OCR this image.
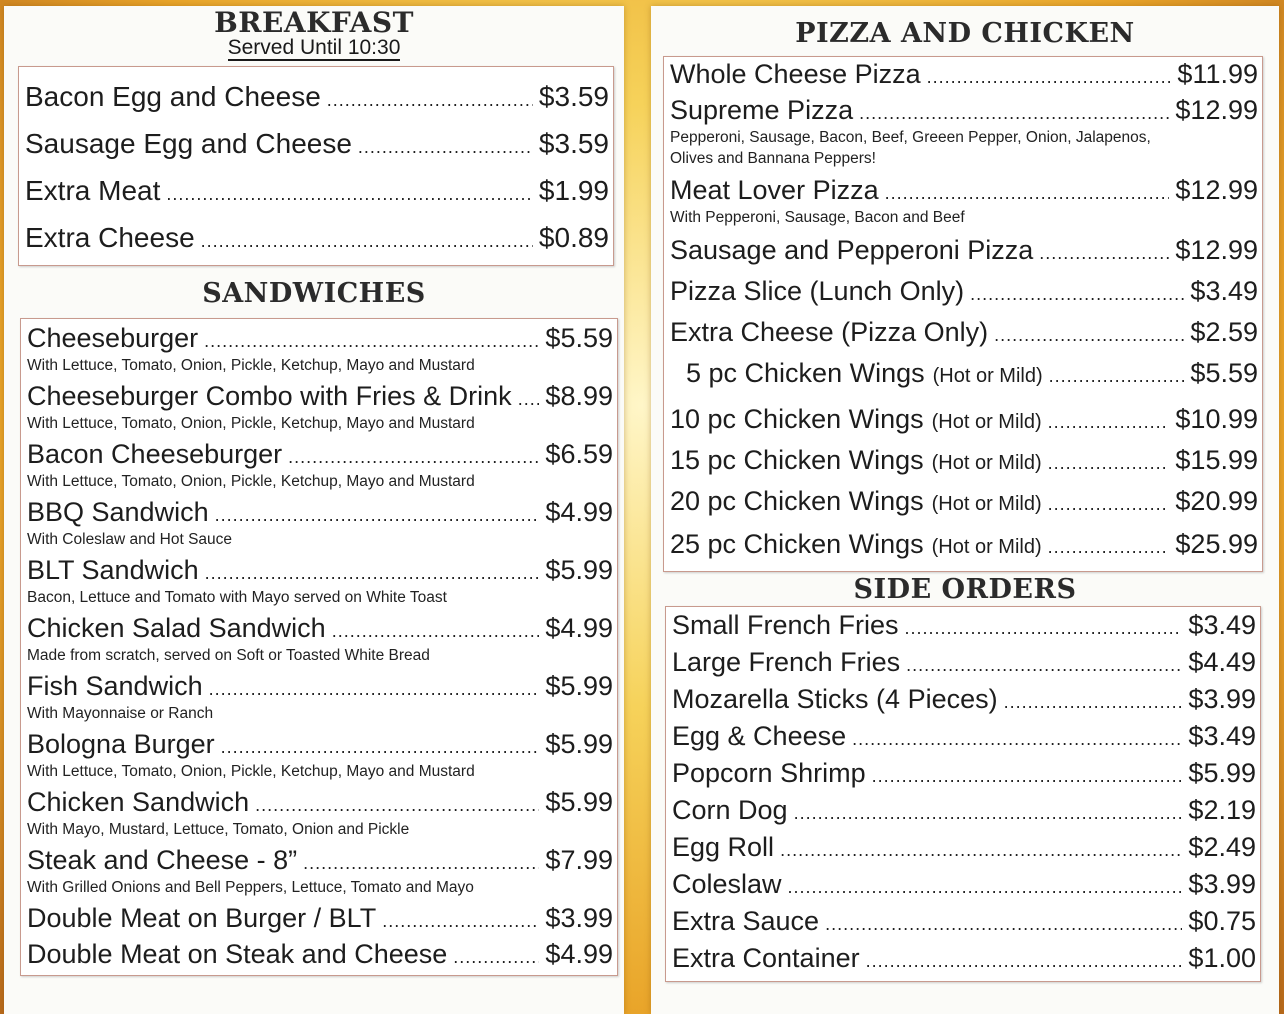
BREAKFAST
Served Until 10:30
Bacon Egg and Cheese .....	$3.59
Sausage Egg and Cheese .....	$3.59
Extra Meat .....	$1.99
Extra Cheese .....	$0.89
SANDWICHES
Cheeseburger .....	$5.59
With Lettuce, Tomato, Onion, Pickle, Ketchup, Mayo and Mustard
Cheeseburger Combo with Fries & Drink ..... $8.99
With Lettuce, Tomato, Onion, Pickle, Ketchup, Mayo and Mustard
Bacon Cheeseburger .....	$6.59
With Lettuce, Tomato, Onion, Pickle, Ketchup, Mayo and Mustard
BBQ Sandwich .....	$4.99
With Coleslaw and Hot Sauce
BLT Sandwich .....	$5.99
Bacon, Lettuce and Tomato with Mayo served on White Toast
Chicken Salad Sandwich .....	$4.99
Made from scratch, served on Soft or Toasted White Bread
Fish Sandwich .....	$5.99
With Mayonnaise or Ranch
Bologna Burger .....	$5.99
With Lettuce, Tomato, Onion, Pickle, Ketchup, Mayo and Mustard
Chicken Sandwich .....	$5.99
With Mayo, Mustard, Lettuce, Tomato, Onion and Pickle
Steak and Cheese - 8” .....	$7.99
With Grilled Onions and Bell Peppers, Lettuce, Tomato and Mayo
Double Meat on Burger / BLT .....	$3.99
Double Meat on Steak and Cheese .....	$4.99
PIZZA AND CHICKEN
Whole Cheese Pizza .....	$11.99
Supreme Pizza .....	$12.99
Pepperoni, Sausage, Bacon, Beef, Greeen Pepper, Onion, Jalapenos,
Olives and Bannana Peppers!
Meat Lover Pizza .....	$12.99
With Pepperoni, Sausage, Bacon and Beef
Sausage and Pepperoni Pizza .....	$12.99
Pizza Slice (Lunch Only) .....	$3.49
Extra Cheese (Pizza Only) .....	$2.59
5 pc Chicken Wings (Hot or Mild) .....	$5.59
10 pc Chicken Wings (Hot or Mild) .....	$10.99
15 pc Chicken Wings (Hot or Mild) .....	$15.99
20 pc Chicken Wings (Hot or Mild) .....	$20.99
25 pc Chicken Wings (Hot or Mild) .....	$25.99
SIDE ORDERS
Small French Fries .....	$3.49
Large French Fries .....	$4.49
Mozarella Sticks (4 Pieces) .....	$3.99
Egg & Cheese .....	$3.49
Popcorn Shrimp .....	$5.99
Corn Dog .....	$2.19
Egg Roll .....	$2.49
Coleslaw .....	$3.99
Extra Sauce .....	$0.75
Extra Container .....	$1.00
